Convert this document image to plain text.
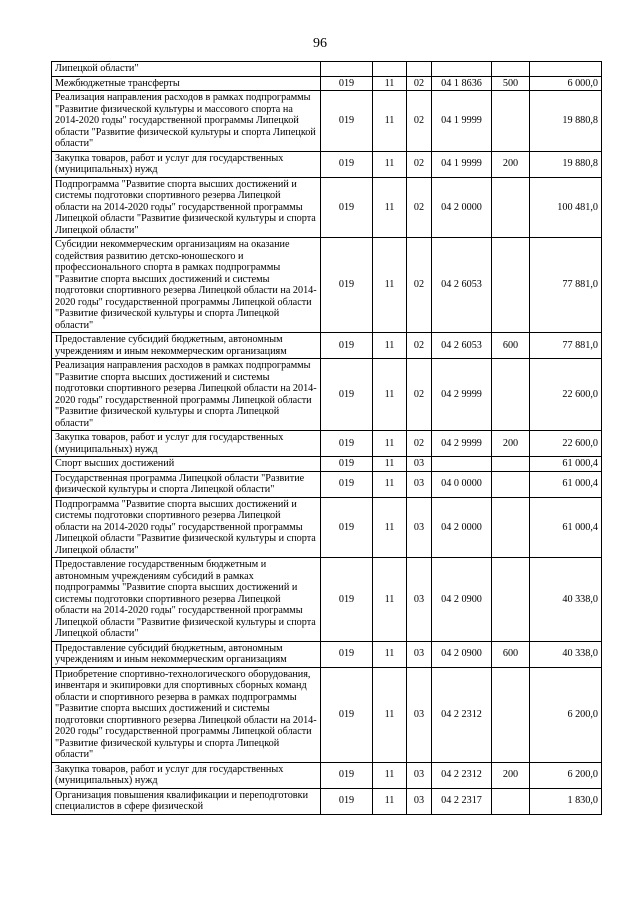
96
Липецкой области"						
Межбюджетные трансферты	019	11	02	04 1 8636	500	6 000,0
Реализация направления расходов в рамках подпрограммы "Развитие физической культуры и массового спорта на 2014-2020 годы" государственной программы Липецкой области "Развитие физической культуры и спорта Липецкой области"	019	11	02	04 1 9999		19 880,8
Закупка товаров, работ и услуг для государственных (муниципальных) нужд	019	11	02	04 1 9999	200	19 880,8
Подпрограмма "Развитие спорта высших достижений и системы подготовки спортивного резерва Липецкой области на 2014-2020 годы" государственной программы Липецкой области "Развитие физической культуры и спорта Липецкой области"	019	11	02	04 2 0000		100 481,0
Субсидии некоммерческим организациям на оказание содействия развитию детско-юношеского и профессионального спорта в рамках подпрограммы "Развитие спорта высших достижений и системы подготовки спортивного резерва Липецкой области на 2014-2020 годы" государственной программы Липецкой области "Развитие физической культуры и спорта Липецкой области"	019	11	02	04 2 6053		77 881,0
Предоставление субсидий бюджетным, автономным учреждениям и иным некоммерческим организациям	019	11	02	04 2 6053	600	77 881,0
Реализация направления расходов в рамках подпрограммы "Развитие спорта высших достижений и системы подготовки спортивного резерва Липецкой области на 2014-2020 годы" государственной программы Липецкой области "Развитие физической культуры и спорта Липецкой области"	019	11	02	04 2 9999		22 600,0
Закупка товаров, работ и услуг для государственных (муниципальных) нужд	019	11	02	04 2 9999	200	22 600,0
Спорт высших достижений	019	11	03			61 000,4
Государственная программа Липецкой области "Развитие физической культуры и спорта Липецкой области"	019	11	03	04 0 0000		61 000,4
Подпрограмма "Развитие спорта высших достижений и системы подготовки спортивного резерва Липецкой области на 2014-2020 годы" государственной программы Липецкой области "Развитие физической культуры и спорта Липецкой области"	019	11	03	04 2 0000		61 000,4
Предоставление государственным бюджетным и автономным учреждениям субсидий в рамках подпрограммы "Развитие спорта высших достижений и системы подготовки спортивного резерва Липецкой области на 2014-2020 годы" государственной программы Липецкой области "Развитие физической культуры и спорта Липецкой области"	019	11	03	04 2 0900		40 338,0
Предоставление субсидий бюджетным, автономным учреждениям и иным некоммерческим организациям	019	11	03	04 2 0900	600	40 338,0
Приобретение спортивно-технологического оборудования, инвентаря и экипировки для спортивных сборных команд области и спортивного резерва в рамках подпрограммы "Развитие спорта высших достижений и системы подготовки спортивного резерва Липецкой области на 2014-2020 годы" государственной программы Липецкой области "Развитие физической культуры и спорта Липецкой области"	019	11	03	04 2 2312		6 200,0
Закупка товаров, работ и услуг для государственных (муниципальных) нужд	019	11	03	04 2 2312	200	6 200,0
Организация повышения квалификации и переподготовки специалистов в сфере физической	019	11	03	04 2 2317		1 830,0
